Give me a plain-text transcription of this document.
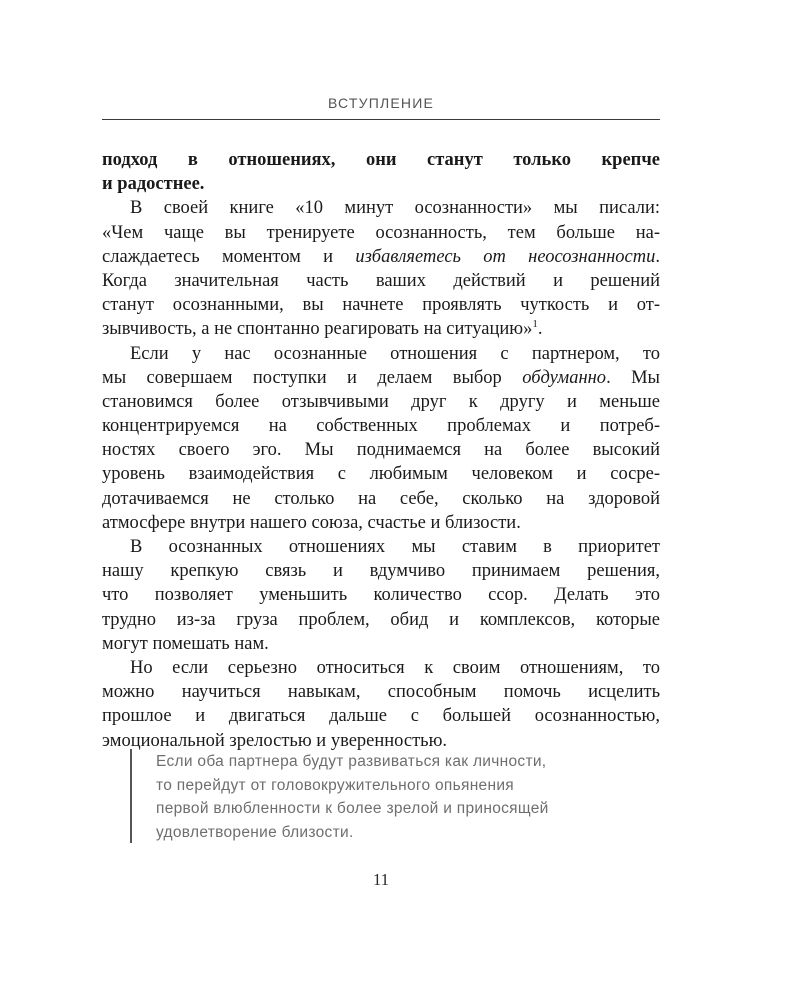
ВСТУПЛЕНИЕ
подход в отношениях, они станут только крепче
и радостнее.
В своей книге «10 минут осознанности» мы писали:
«Чем чаще вы тренируете осознанность, тем больше на-
слаждаетесь моментом и избавляетесь от неосознанности.
Когда значительная часть ваших действий и решений
станут осознанными, вы начнете проявлять чуткость и от-
зывчивость, а не спонтанно реагировать на ситуацию»$^1$.
Если у нас осознанные отношения с партнером, то
мы совершаем поступки и делаем выбор обдуманно. Мы
становимся более отзывчивыми друг к другу и меньше
концентрируемся на собственных проблемах и потреб-
ностях своего эго. Мы поднимаемся на более высокий
уровень взаимодействия с любимым человеком и сосре-
дотачиваемся не столько на себе, сколько на здоровой
атмосфере внутри нашего союза, счастье и близости.
В осознанных отношениях мы ставим в приоритет
нашу крепкую связь и вдумчиво принимаем решения,
что позволяет уменьшить количество ссор. Делать это
трудно из-за груза проблем, обид и комплексов, которые
могут помешать нам.
Но если серьезно относиться к своим отношениям, то
можно научиться навыкам, способным помочь исцелить
прошлое и двигаться дальше с большей осознанностью,
эмоциональной зрелостью и уверенностью.
Если оба партнера будут развиваться как личности,
то перейдут от головокружительного опьянения
первой влюбленности к более зрелой и приносящей
удовлетворение близости.
11
